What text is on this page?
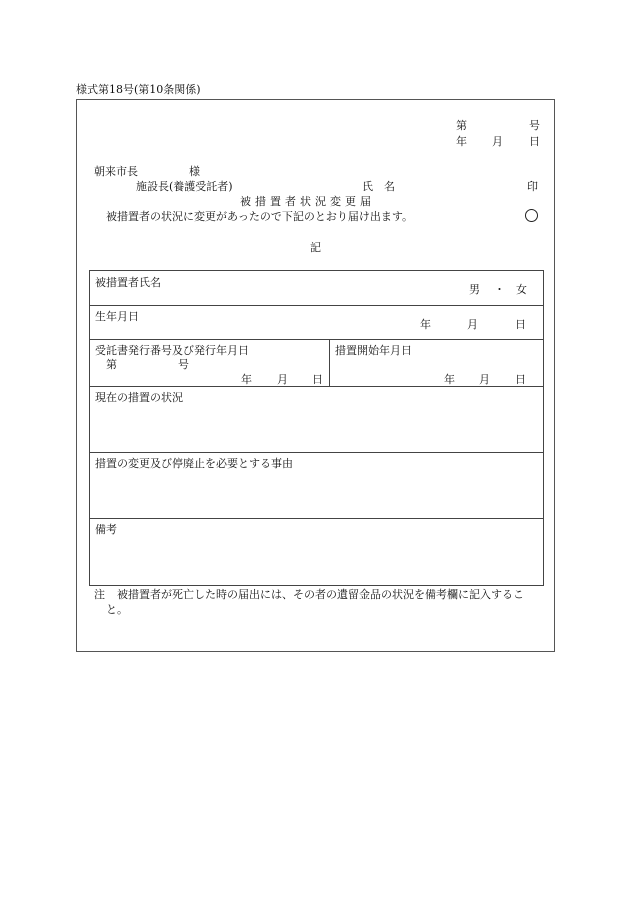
様式第18号(第10条関係)
第	号
年 月 日
朝来市長	様
施設長(養護受託者)	氏　名	印
被措置者状況変更届
被措置者の状況に変更があったので下記のとおり届け出ます。
記
被措置者氏名
男 ・ 女
生年月日
年	月	日
受託書発行番号及び発行年月日
第	号
年 月 日
措置開始年月日
年 月 日
現在の措置の状況
措置の変更及び停廃止を必要とする事由
備考
注 被措置者が死亡した時の届出には、その者の遺留金品の状況を備考欄に記入するこ
と。
